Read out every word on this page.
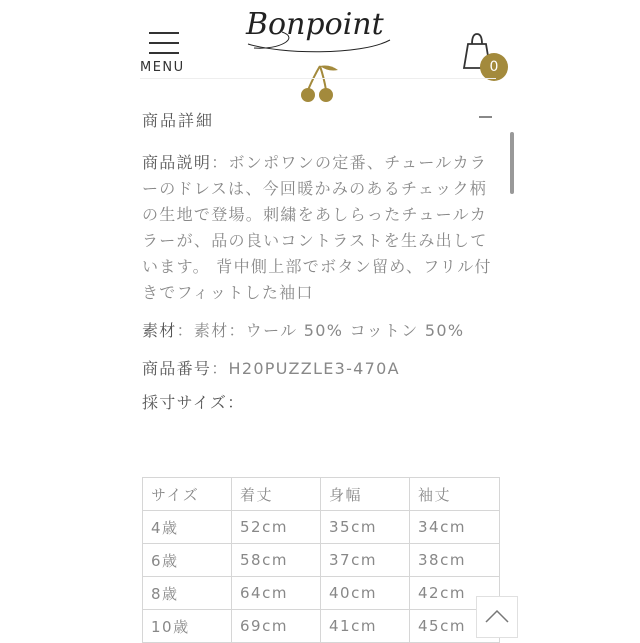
MENU
Bonpoint
0
商品詳細

商品説明：ボンポワンの定番、チュールカラーのドレスは、今回暖かみのあるチェック柄の生地で登場。刺繍をあしらったチュールカラーが、品の良いコントラストを生み出しています。 背中側上部でボタン留め、フリル付きでフィットした袖口

素材：素材：ウール 50% コットン 50%

商品番号：H20PUZZLE3-470A

採寸サイズ：

サイズ	着丈	身幅	袖丈
4歳	52cm	35cm	34cm
6歳	58cm	37cm	38cm
8歳	64cm	40cm	42cm
10歳	69cm	41cm	45cm
